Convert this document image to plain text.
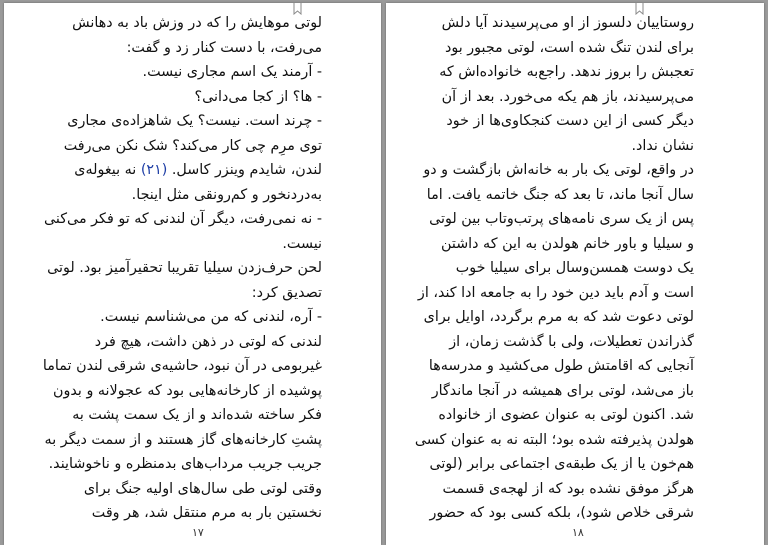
لوتی موهایش را که در وزش باد به دهانش
می‌رفت، با دست کنار زد و گفت:
- آرمند یک اسم مجاری نیست.
- ها؟ از کجا می‌دانی؟
- چرند است. نیست؟ یک شاهزاده‌ی مجاری
توی مرِم چی کار می‌کند؟ شک نکن می‌رفت
لندن، شایدم وینزر کاسل. (۲۱) نه بیغوله‌ی
به‌درد‌نخور و کم‌رونقی مثل اینجا.
- نه نمی‌رفت، دیگر آن لندنی که تو فکر می‌کنی
نیست.
لحن حرف‌زدن سیلیا تقریبا تحقیرآمیز بود. لوتی
تصدیق کرد:
- آره، لندنی که من می‌شناسم نیست.
لندنی که لوتی در ذهن داشت، هیچ فرد
غیربومی در آن نبود، حاشیه‌ی شرقی لندن تماما
پوشیده از کارخانه‌هایی بود که عجولانه و بدون
فکر ساخته شده‌اند و از یک سمت پشت به
پشتِ کارخانه‌های گاز هستند و از سمت دیگر به
جریب جریب مرداب‌های بدمنظره و ناخوشایند.
وقتی لوتی طی سال‌های اولیه جنگ برای
نخستین بار به مرم منتقل شد، هر وقت
۱۷
روستاییان دلسوز از او می‌پرسیدند آیا دلش
برای لندن تنگ شده است، لوتی مجبور بود
تعجبش را بروز ندهد. راجع‌به خانواده‌اش که
می‌پرسیدند، باز هم یکه می‌خورد. بعد از آن
دیگر کسی از این دست کنجکاوی‌ها از خود
نشان نداد.
در واقع، لوتی یک بار به خانه‌اش بازگشت و دو
سال آنجا ماند، تا بعد که جنگ خاتمه یافت. اما
پس از یک سری نامه‌های پرتب‌وتاب بین لوتی
و سیلیا و باور خانم هولدن به این که داشتن
یک دوست همسن‌وسال برای سیلیا خوب
است و آدم باید دین خود را به جامعه ادا کند، از
لوتی دعوت شد که به مرم برگردد، اوایل برای
گذراندن تعطیلات، ولی با گذشت زمان، از
آنجایی که اقامتش طول می‌کشید و مدرسه‌ها
باز می‌شد، لوتی برای همیشه در آنجا ماندگار
شد. اکنون لوتی به عنوان عضوی از خانواده
هولدن پذیرفته شده بود؛ البته نه به عنوان کسی
هم‌خون یا از یک طبقه‌ی اجتماعی برابر (لوتی
هرگز موفق نشده بود که از لهجه‌ی قسمت
شرقی خلاص شود)، بلکه کسی بود که حضور
۱۸
